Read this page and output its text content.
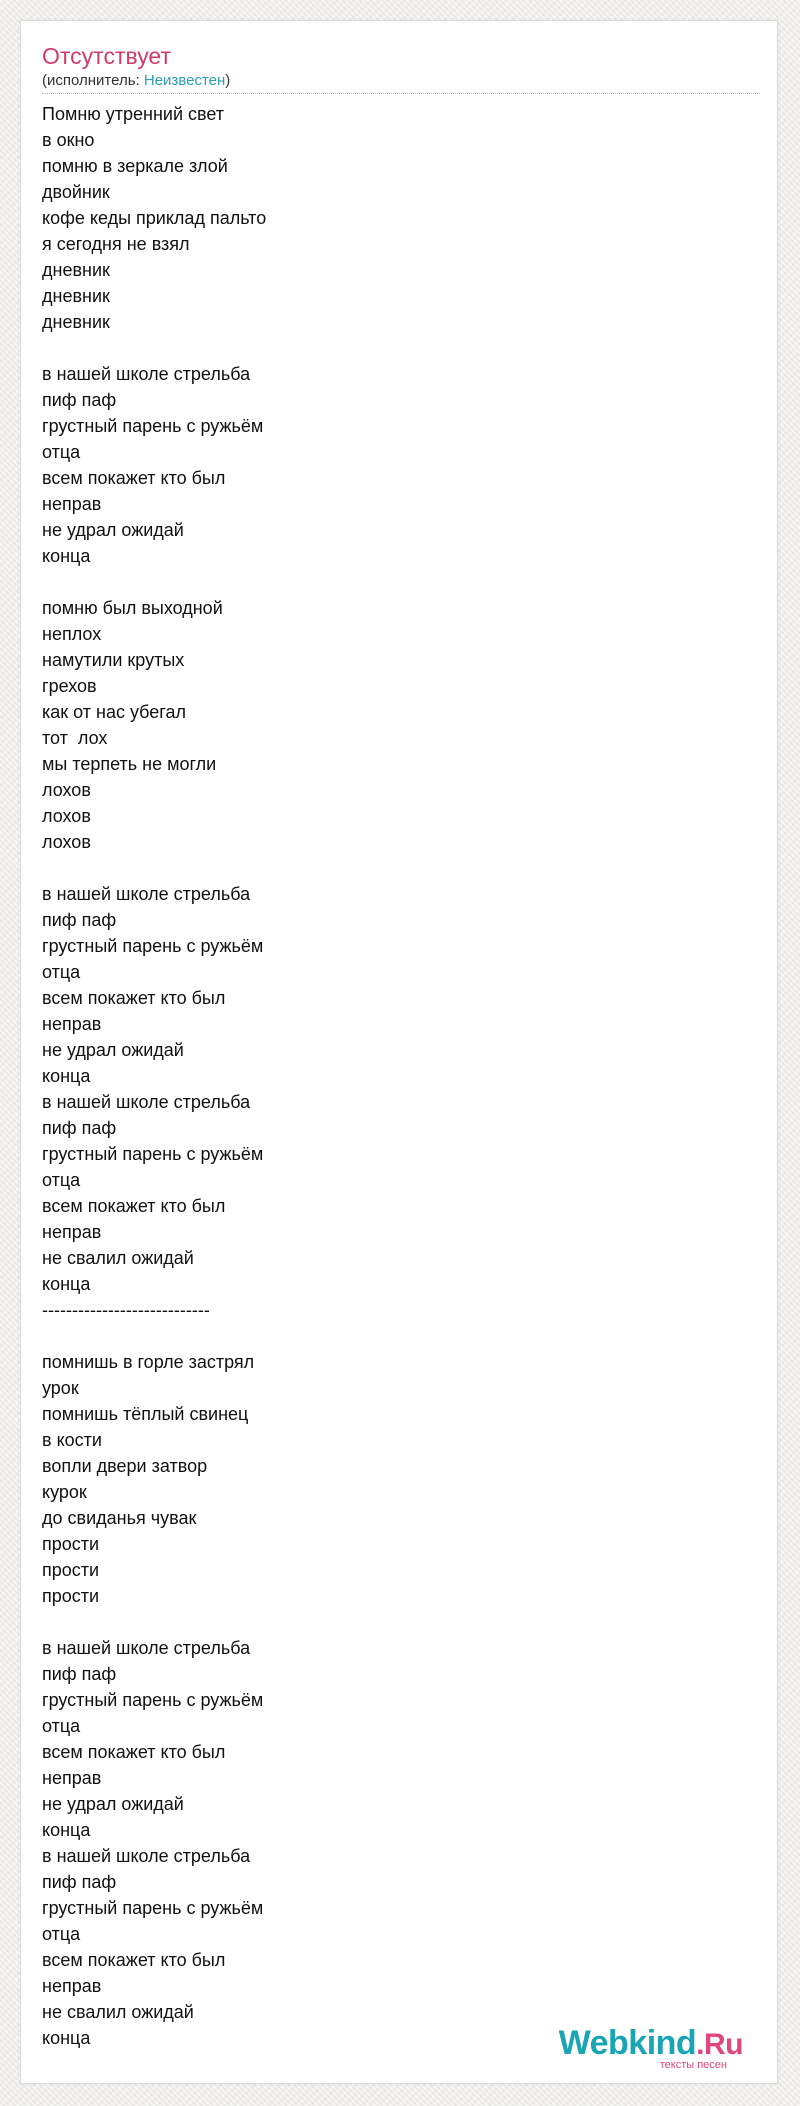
Отсутствует
(исполнитель: Неизвестен)
Помню утренний свет
в окно
помню в зеркале злой
двойник
кофе кеды приклад пальто
я сегодня не взял
дневник
дневник
дневник

в нашей школе стрельба
пиф паф
грустный парень с ружьём
отца
всем покажет кто был
неправ
не удрал ожидай
конца

помню был выходной
неплох
намутили крутых
грехов
как от нас убегал
тот  лох
мы терпеть не могли
лохов
лохов
лохов

в нашей школе стрельба
пиф паф
грустный парень с ружьём
отца
всем покажет кто был
неправ
не удрал ожидай
конца
в нашей школе стрельба
пиф паф
грустный парень с ружьём
отца
всем покажет кто был
неправ
не свалил ожидай
конца
----------------------------

помнишь в горле застрял
урок
помнишь тёплый свинец
в кости
вопли двери затвор
курок
до свиданья чувак
прости
прости
прости

в нашей школе стрельба
пиф паф
грустный парень с ружьём
отца
всем покажет кто был
неправ
не удрал ожидай
конца
в нашей школе стрельба
пиф паф
грустный парень с ружьём
отца
всем покажет кто был
неправ
не свалил ожидай
конца	Webkind.Ru
тексты песен
